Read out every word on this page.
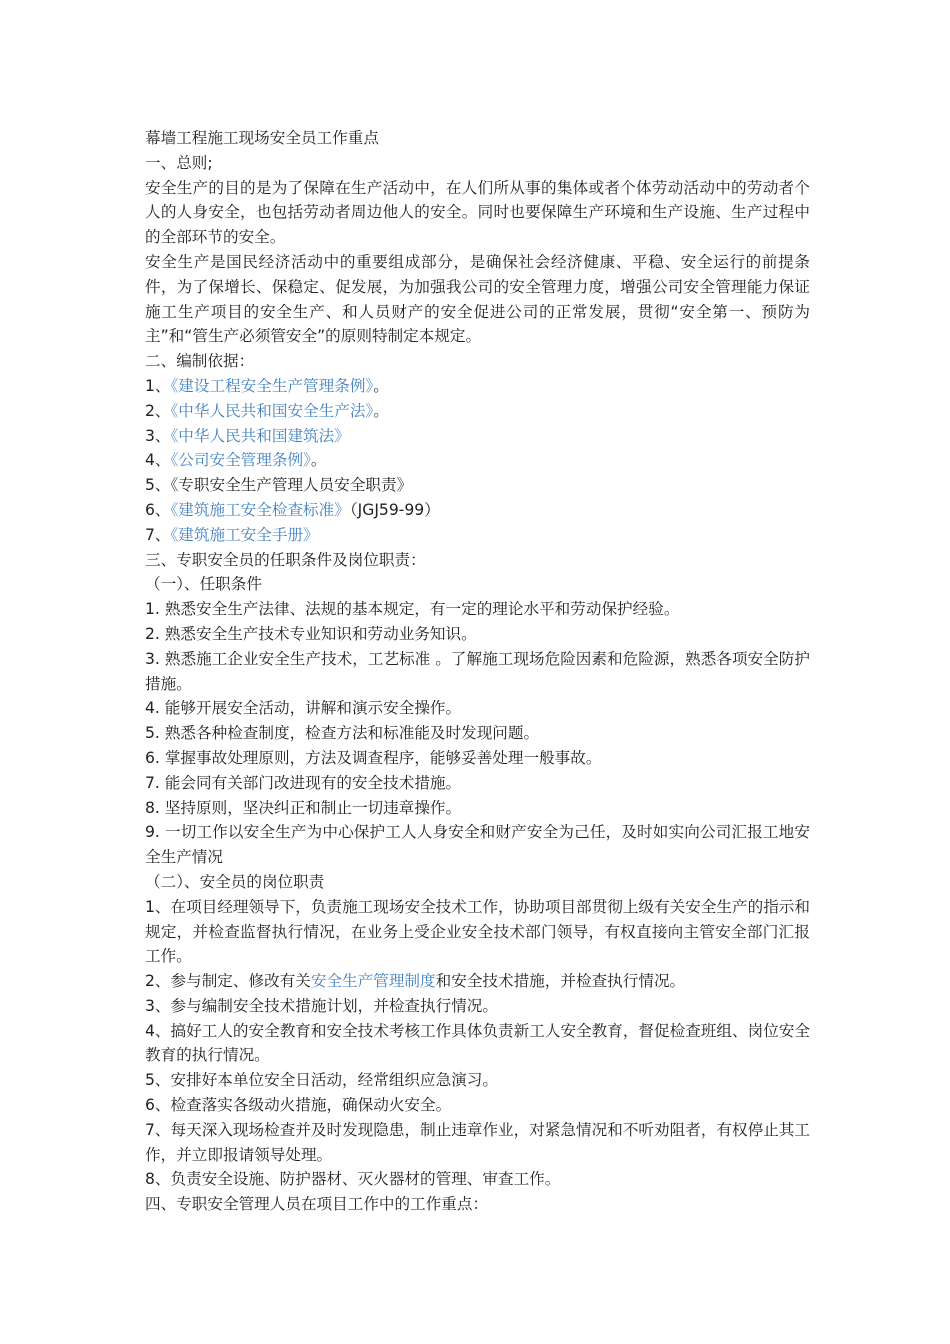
幕墙工程施工现场安全员工作重点
一、总则;
安全生产的目的是为了保障在生产活动中，在人们所从事的集体或者个体劳动活动中的劳动者个人的人身安全，也包括劳动者周边他人的安全。同时也要保障生产环境和生产设施、生产过程中的全部环节的安全。
安全生产是国民经济活动中的重要组成部分，是确保社会经济健康、平稳、安全运行的前提条件，为了保增长、保稳定、促发展，为加强我公司的安全管理力度，增强公司安全管理能力保证施工生产项目的安全生产、和人员财产的安全促进公司的正常发展，贯彻“安全第一、预防为主”和“管生产必须管安全”的原则特制定本规定。
二、编制依据：
1、《建设工程安全生产管理条例》。
2、《中华人民共和国安全生产法》。
3、《中华人民共和国建筑法》
4、《公司安全管理条例》。
5、《专职安全生产管理人员安全职责》
6、《建筑施工安全检查标准》（JGJ59-99）
7、《建筑施工安全手册》
三、专职安全员的任职条件及岗位职责：
（一）、任职条件
1. 熟悉安全生产法律、法规的基本规定，有一定的理论水平和劳动保护经验。
2. 熟悉安全生产技术专业知识和劳动业务知识。
3. 熟悉施工企业安全生产技术，工艺标准 。了解施工现场危险因素和危险源，熟悉各项安全防护措施。
4. 能够开展安全活动，讲解和演示安全操作。
5. 熟悉各种检查制度，检查方法和标准能及时发现问题。
6. 掌握事故处理原则，方法及调查程序，能够妥善处理一般事故。
7. 能会同有关部门改进现有的安全技术措施。
8. 坚持原则，坚决纠正和制止一切违章操作。
9. 一切工作以安全生产为中心保护工人人身安全和财产安全为己任，及时如实向公司汇报工地安全生产情况
（二）、安全员的岗位职责
1、在项目经理领导下，负责施工现场安全技术工作，协助项目部贯彻上级有关安全生产的指示和规定，并检查监督执行情况，在业务上受企业安全技术部门领导，有权直接向主管安全部门汇报工作。
2、参与制定、修改有关安全生产管理制度和安全技术措施，并检查执行情况。
3、参与编制安全技术措施计划，并检查执行情况。
4、搞好工人的安全教育和安全技术考核工作具体负责新工人安全教育，督促检查班组、岗位安全教育的执行情况。
5、安排好本单位安全日活动，经常组织应急演习。
6、检查落实各级动火措施，确保动火安全。
7、每天深入现场检查并及时发现隐患，制止违章作业，对紧急情况和不听劝阻者，有权停止其工作，并立即报请领导处理。
8、负责安全设施、防护器材、灭火器材的管理、审查工作。
四、专职安全管理人员在项目工作中的工作重点：
